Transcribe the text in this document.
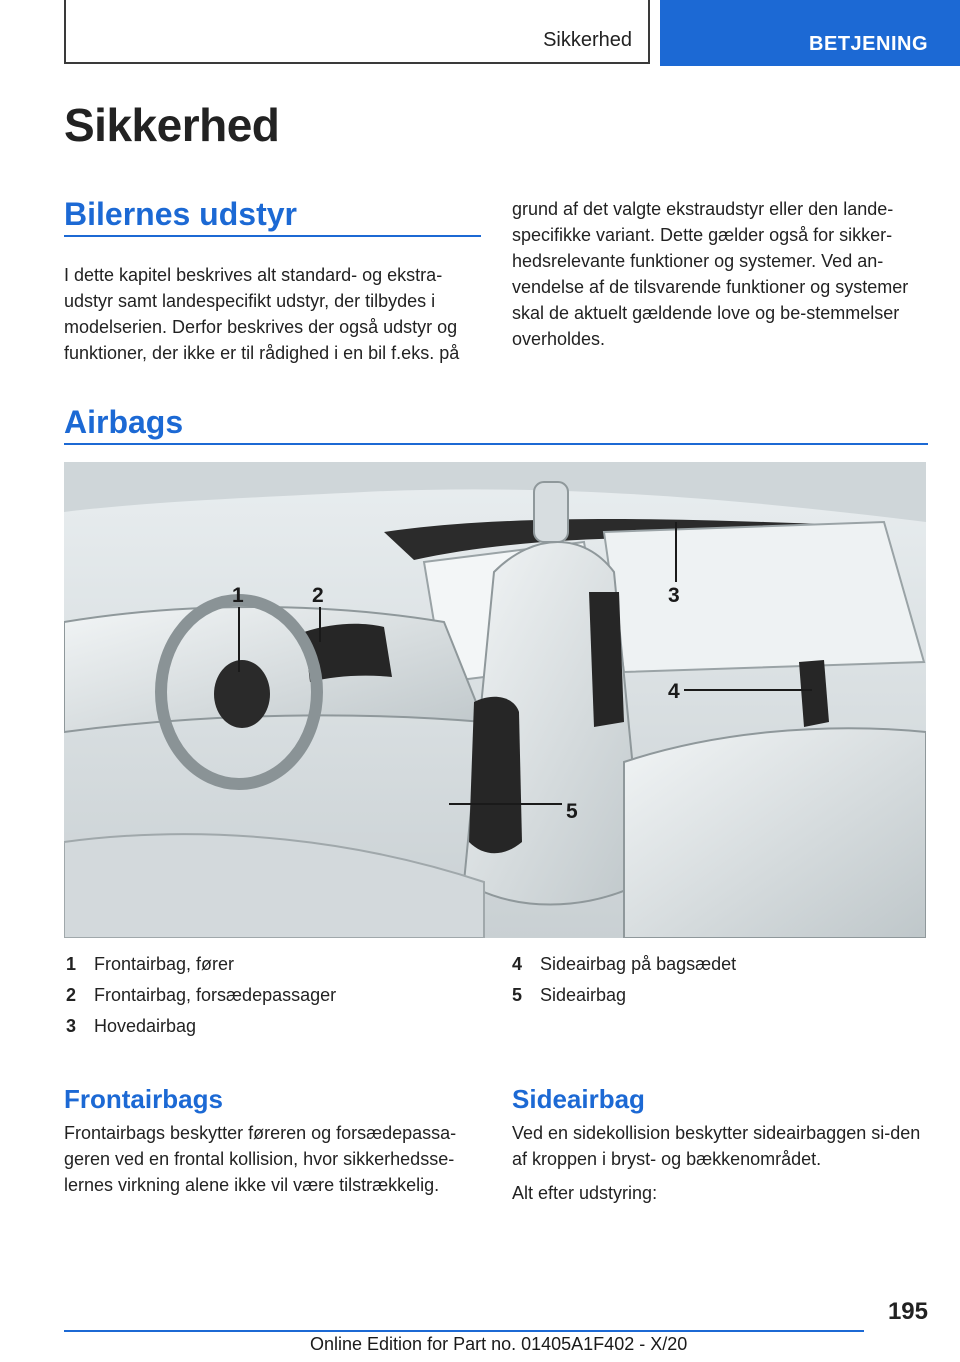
Sikkerhed	BETJENING
Sikkerhed
Bilernes udstyr

I dette kapitel beskrives alt standard- og ekstra-udstyr samt landespecifikt udstyr, der tilbydes i modelserien. Derfor beskrives der også udstyr og funktioner, der ikke er til rådighed i en bil f.eks. på

grund af det valgte ekstraudstyr eller den lande-specifikke variant. Dette gælder også for sikker-hedsrelevante funktioner og systemer. Ved an-vendelse af de tilsvarende funktioner og systemer skal de aktuelt gældende love og be-stemmelser overholdes.

Airbags
1	2	3
4
5
1 Frontairbag, fører
2 Frontairbag, forsædepassager
3 Hovedairbag
4 Sideairbag på bagsædet
5 Sideairbag
Frontairbags

Frontairbags beskytter føreren og forsædepassa-geren ved en frontal kollision, hvor sikkerhedsse-lernes virkning alene ikke vil være tilstrækkelig.

Sideairbag

Ved en sidekollision beskytter sideairbaggen si-den af kroppen i bryst- og bækkenområdet.

Alt efter udstyring:

195
Online Edition for Part no. 01405A1F402 - X/20
